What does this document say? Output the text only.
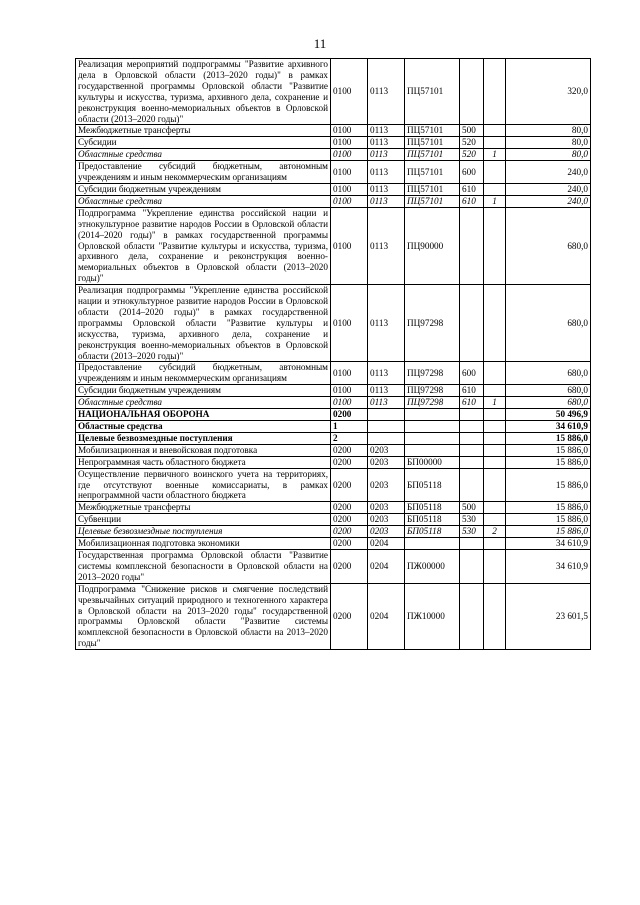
11
Реализация мероприятий подпрограммы "Развитие архивного дела в Орловской области (2013–2020 годы)" в рамках государственной программы Орловской области "Развитие культуры и искусства, туризма, архивного дела, сохранение и реконструкция военно-мемориальных объектов в Орловской области (2013–2020 годы)"	0100	0113	ПЦ57101			320,0
Межбюджетные трансферты	0100	0113	ПЦ57101	500		80,0
Субсидии	0100	0113	ПЦ57101	520		80,0
Областные средства	0100	0113	ПЦ57101	520	1	80,0
Предоставление субсидий бюджетным, автономным учреждениям и иным некоммерческим организациям	0100	0113	ПЦ57101	600		240,0
Субсидии бюджетным учреждениям	0100	0113	ПЦ57101	610		240,0
Областные средства	0100	0113	ПЦ57101	610	1	240,0
Подпрограмма "Укрепление единства российской нации и этнокультурное развитие народов России в Орловской области (2014–2020 годы)" в рамках государственной программы Орловской области "Развитие культуры и искусства, туризма, архивного дела, сохранение и реконструкция военно-мемориальных объектов в Орловской области (2013–2020 годы)"	0100	0113	ПЦ90000			680,0
Реализация подпрограммы "Укрепление единства российской нации и этнокультурное развитие народов России в Орловской области (2014–2020 годы)" в рамках государственной программы Орловской области "Развитие культуры и искусства, туризма, архивного дела, сохранение и реконструкция военно-мемориальных объектов в Орловской области (2013–2020 годы)"	0100	0113	ПЦ97298			680,0
Предоставление субсидий бюджетным, автономным учреждениям и иным некоммерческим организациям	0100	0113	ПЦ97298	600		680,0
Субсидии бюджетным учреждениям	0100	0113	ПЦ97298	610		680,0
Областные средства	0100	0113	ПЦ97298	610	1	680,0
НАЦИОНАЛЬНАЯ ОБОРОНА	0200					50 496,9
Областные средства	1					34 610,9
Целевые безвозмездные поступления	2					15 886,0
Мобилизационная и вневойсковая подготовка	0200	0203				15 886,0
Непрограммная часть областного бюджета	0200	0203	БП00000			15 886,0
Осуществление первичного воинского учета на территориях, где отсутствуют военные комиссариаты, в рамках непрограммной части областного бюджета	0200	0203	БП05118			15 886,0
Межбюджетные трансферты	0200	0203	БП05118	500		15 886,0
Субвенции	0200	0203	БП05118	530		15 886,0
Целевые безвозмездные поступления	0200	0203	БП05118	530	2	15 886,0
Мобилизационная подготовка экономики	0200	0204				34 610,9
Государственная программа Орловской области "Развитие системы комплексной безопасности в Орловской области на 2013–2020 годы"	0200	0204	ПЖ00000			34 610,9
Подпрограмма "Снижение рисков и смягчение последствий чрезвычайных ситуаций природного и техногенного характера в Орловской области на 2013–2020 годы" государственной программы Орловской области "Развитие системы комплексной безопасности в Орловской области на 2013–2020 годы"	0200	0204	ПЖ10000			23 601,5
